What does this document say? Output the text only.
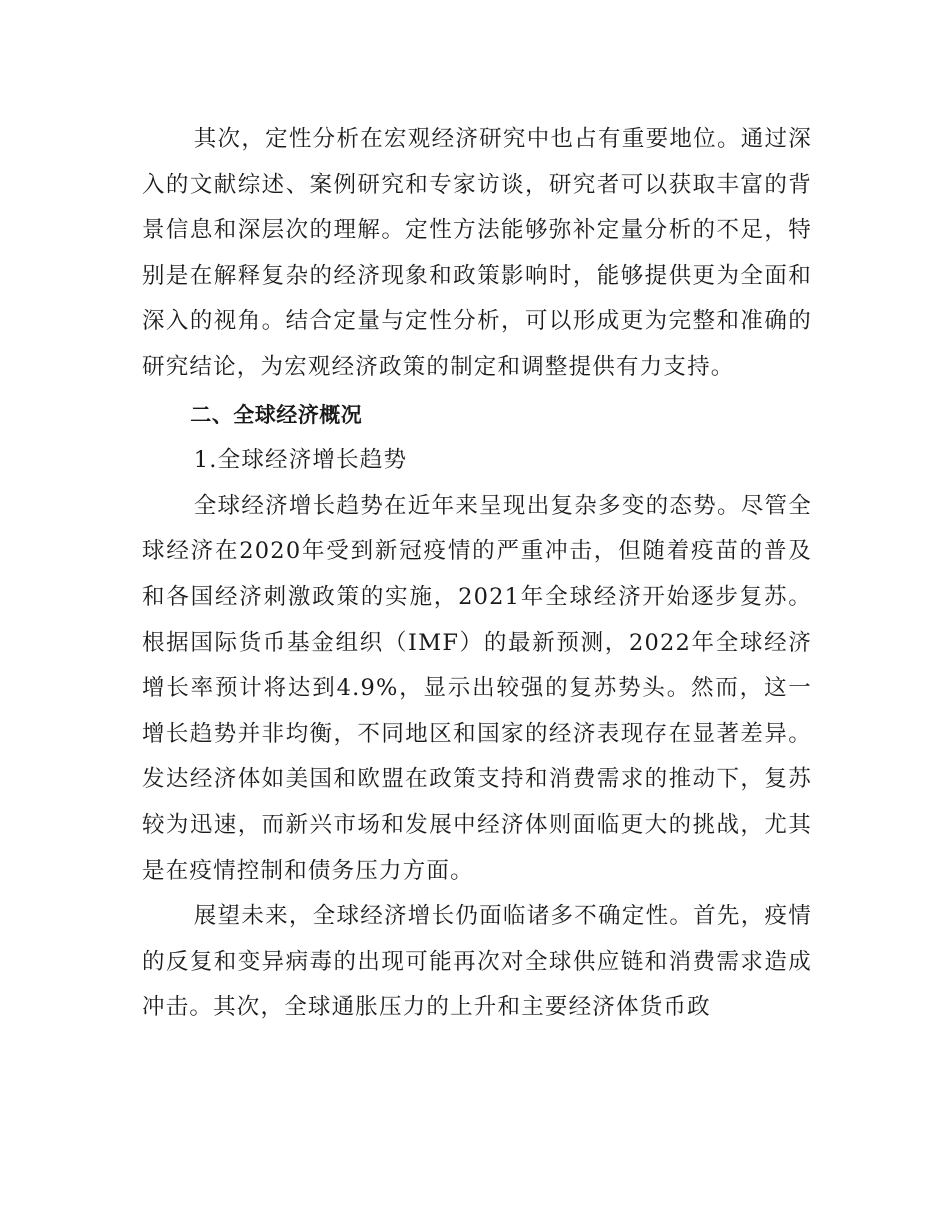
其次，定性分析在宏观经济研究中也占有重要地位。通过深入的文献综述、案例研究和专家访谈，研究者可以获取丰富的背景信息和深层次的理解。定性方法能够弥补定量分析的不足，特别是在解释复杂的经济现象和政策影响时，能够提供更为全面和深入的视角。结合定量与定性分析，可以形成更为完整和准确的研究结论，为宏观经济政策的制定和调整提供有力支持。

二、全球经济概况

1.全球经济增长趋势

全球经济增长趋势在近年来呈现出复杂多变的态势。尽管全球经济在2020年受到新冠疫情的严重冲击，但随着疫苗的普及和各国经济刺激政策的实施，2021年全球经济开始逐步复苏。根据国际货币基金组织（IMF）的最新预测，2022年全球经济增长率预计将达到4.9%，显示出较强的复苏势头。然而，这一增长趋势并非均衡，不同地区和国家的经济表现存在显著差异。发达经济体如美国和欧盟在政策支持和消费需求的推动下，复苏较为迅速，而新兴市场和发展中经济体则面临更大的挑战，尤其是在疫情控制和债务压力方面。

展望未来，全球经济增长仍面临诸多不确定性。首先，疫情的反复和变异病毒的出现可能再次对全球供应链和消费需求造成冲击。其次，全球通胀压力的上升和主要经济体货币政
